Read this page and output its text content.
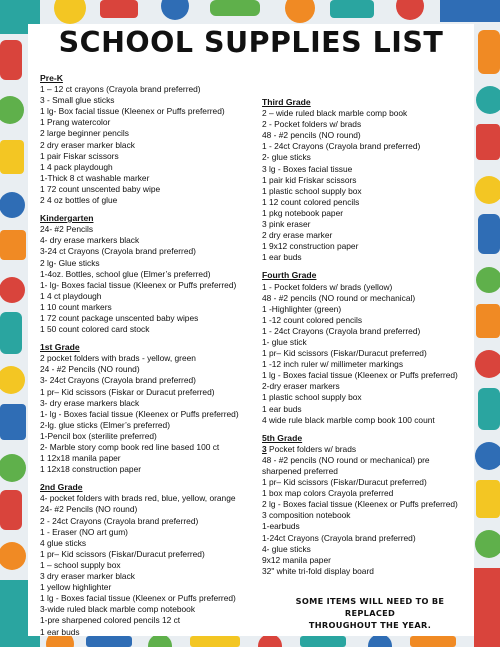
SCHOOL SUPPLIES LIST
Pre-K
1 – 12 ct crayons (Crayola brand preferred)
3 - Small glue sticks
1 lg- Box facial tissue (Kleenex or Puffs preferred)
1 Prang watercolor
2 large beginner pencils
2 dry eraser marker black
1 pair Fiskar scissors
1 4 pack playdough
1-Thick 8 ct washable marker
1 72 count unscented baby wipe
2 4 oz bottles of glue
Kindergarten
24- #2 Pencils
4- dry erase markers black
3-24 ct Crayons (Crayola brand preferred)
2 lg- Glue sticks
1-4oz. Bottles, school glue (Elmer’s preferred)
1- lg- Boxes facial tissue (Kleenex or Puffs preferred)
1 4 ct playdough
1 10 count markers
1 72 count package unscented baby wipes
1 50 count colored card stock
1st Grade
2 pocket folders with brads - yellow, green
24 - #2 Pencils (NO round)
3- 24ct Crayons (Crayola brand preferred)
1 pr– Kid scissors (Fiskar or Duracut preferred)
3- dry erase markers black
1- lg - Boxes facial tissue (Kleenex or Puffs preferred)
2-lg. glue sticks (Elmer’s preferred)
1-Pencil box (sterilite preferred)
2- Marble story comp book red line based 100 ct
1 12x18 manila paper
1 12x18 construction paper
2nd Grade
4- pocket folders with brads red, blue, yellow, orange
24- #2 Pencils (NO round)
2 - 24ct Crayons (Crayola brand preferred)
1 - Eraser (NO art gum)
4 glue sticks
1 pr– Kid scissors (Fiskar/Duracut preferred)
1 – school supply box
3 dry eraser marker black
1 yellow highlighter
1 lg - Boxes facial tissue (Kleenex or Puffs preferred)
3-wide ruled black marble comp notebook
1-pre sharpened colored pencils 12 ct
1 ear buds
Third Grade
2 – wide ruled black marble comp book
2 - Pocket folders w/ brads
48 - #2 pencils (NO round)
1 - 24ct Crayons (Crayola brand preferred)
2- glue sticks
3 lg - Boxes facial tissue
1 pair kid Friskar scissors
1 plastic school supply box
1 12 count colored pencils
1 pkg notebook paper
3 pink eraser
2 dry erase marker
1 9x12 construction paper
1 ear buds
Fourth Grade
1 - Pocket folders w/ brads (yellow)
48 - #2 pencils (NO round or mechanical)
1 -Highlighter (green)
1 -12 count colored pencils
1 - 24ct Crayons (Crayola brand preferred)
1- glue stick
1 pr– Kid scissors (Fiskar/Duracut preferred)
1 -12 inch ruler w/ millimeter markings
1 lg - Boxes facial tissue (Kleenex or Puffs preferred)
2-dry eraser markers
1 plastic school supply box
1 ear buds
4 wide rule black marble comp book 100 count
5th Grade
3 Pocket folders w/ brads
48 - #2 pencils (NO round or mechanical) pre
sharpened preferred
1 pr– Kid scissors (Fiskar/Duracut preferred)
1 box map colors Crayola preferred
2 lg - Boxes facial tissue (Kleenex or Puffs preferred)
3 composition notebook
1-earbuds
1-24ct Crayons (Crayola brand preferred)
4- glue sticks
9x12 manila paper
32" white tri-fold display board
SOME ITEMS WILL NEED TO BE REPLACED
THROUGHOUT THE YEAR.
